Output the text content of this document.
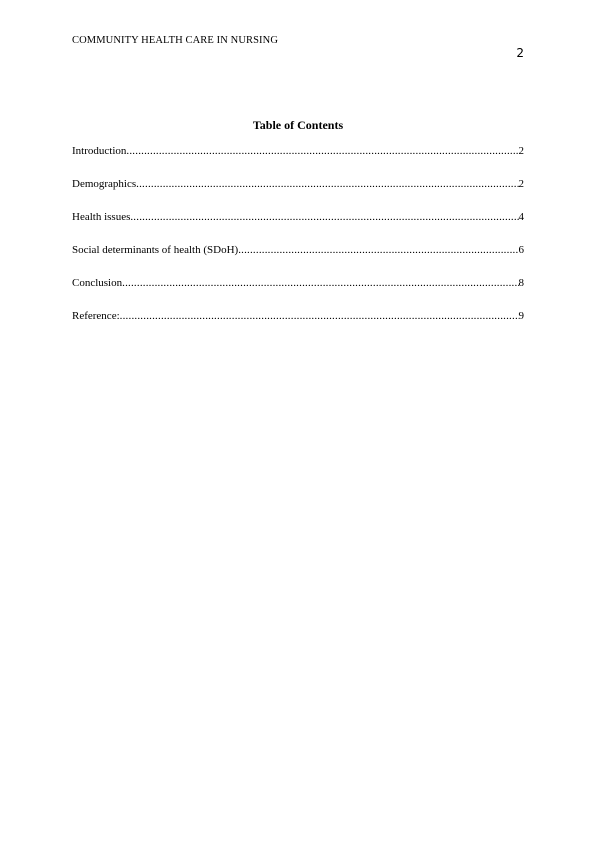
COMMUNITY HEALTH CARE IN NURSING
2
Table of Contents
Introduction .....	2
Demographics .....	2
Health issues .....	4
Social determinants of health (SDoH) .....	6
Conclusion .....	8
Reference: .....	9
